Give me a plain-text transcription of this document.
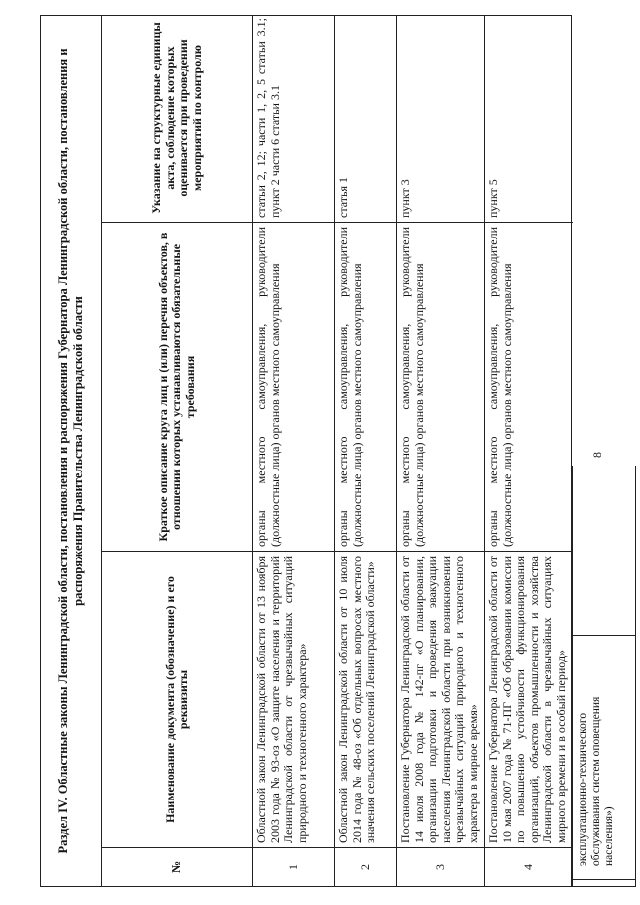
8
эксплуатационно-технического обслуживания систем оповещения населения»)
Раздел IV. Областные законы Ленинградской области, постановления и распоряжения Губернатора Ленинградской области, постановления и распоряжения Правительства Ленинградской области
№
Наименование документа (обозначение) и его реквизиты
Краткое описание круга лиц и (или) перечня объектов, в отношении которых устанавливаются обязательные требования
Указание на структурные единицы акта, соблюдение которых оценивается при проведении мероприятий по контролю
1
Областной закон Ленинградской области от 13 ноября 2003 года № 93-оз «О защите населения и территорий Ленинградской области от чрезвычайных ситуаций природного и техногенного характера»
органы местного самоуправления, руководители (должностные лица) органов местного самоуправления
статьи 2, 12; части 1, 2, 5 статьи 3.1; пункт 2 части 6 статьи 3.1
2
Областной закон Ленинградской области от 10 июля 2014 года № 48-оз «Об отдельных вопросах местного значения сельских поселений Ленинградской области»
органы местного самоуправления, руководители (должностные лица) органов местного самоуправления
статья 1
3
Постановление Губернатора Ленинградской области от 14 июля 2008 года № 142-пг «О планировании, организации подготовки и проведения эвакуации населения Ленинградской области при возникновении чрезвычайных ситуаций природного и техногенного характера в мирное время»
органы местного самоуправления, руководители (должностные лица) органов местного самоуправления
пункт 3
4
Постановление Губернатора Ленинградской области от 10 мая 2007 года № 71-ПГ «Об образовании комиссии по повышению устойчивости функционирования организаций, объектов промышленности и хозяйства Ленинградской области в чрезвычайных ситуациях мирного времени и в особый период»
органы местного самоуправления, руководители (должностные лица) органов местного самоуправления
пункт 5
